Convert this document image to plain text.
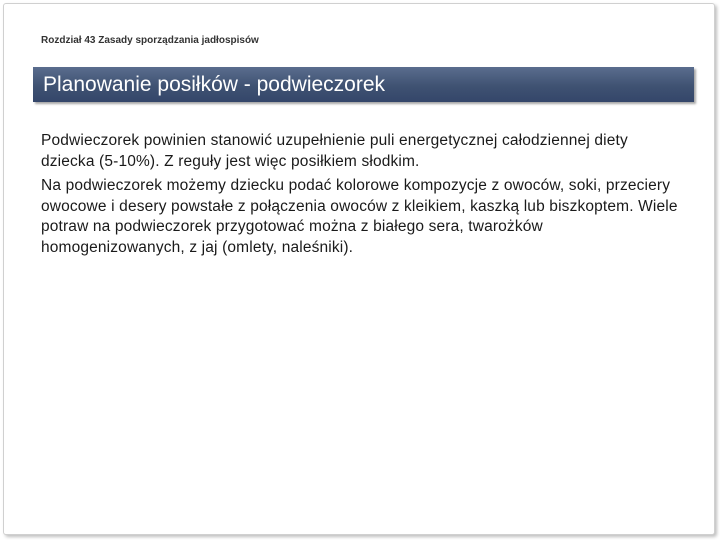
Rozdział 43 Zasady sporządzania jadłospisów
Planowanie posiłków - podwieczorek

Podwieczorek powinien stanowić uzupełnienie puli energetycznej całodziennej diety dziecka (5-10%). Z reguły jest więc posiłkiem słodkim.

Na podwieczorek możemy dziecku podać kolorowe kompozycje z owoców, soki, przeciery owocowe i desery powstałe z połączenia owoców z kleikiem, kaszką lub biszkoptem. Wiele potraw na podwieczorek przygotować można z białego sera, twarożków homogenizowanych, z jaj (omlety, naleśniki).
